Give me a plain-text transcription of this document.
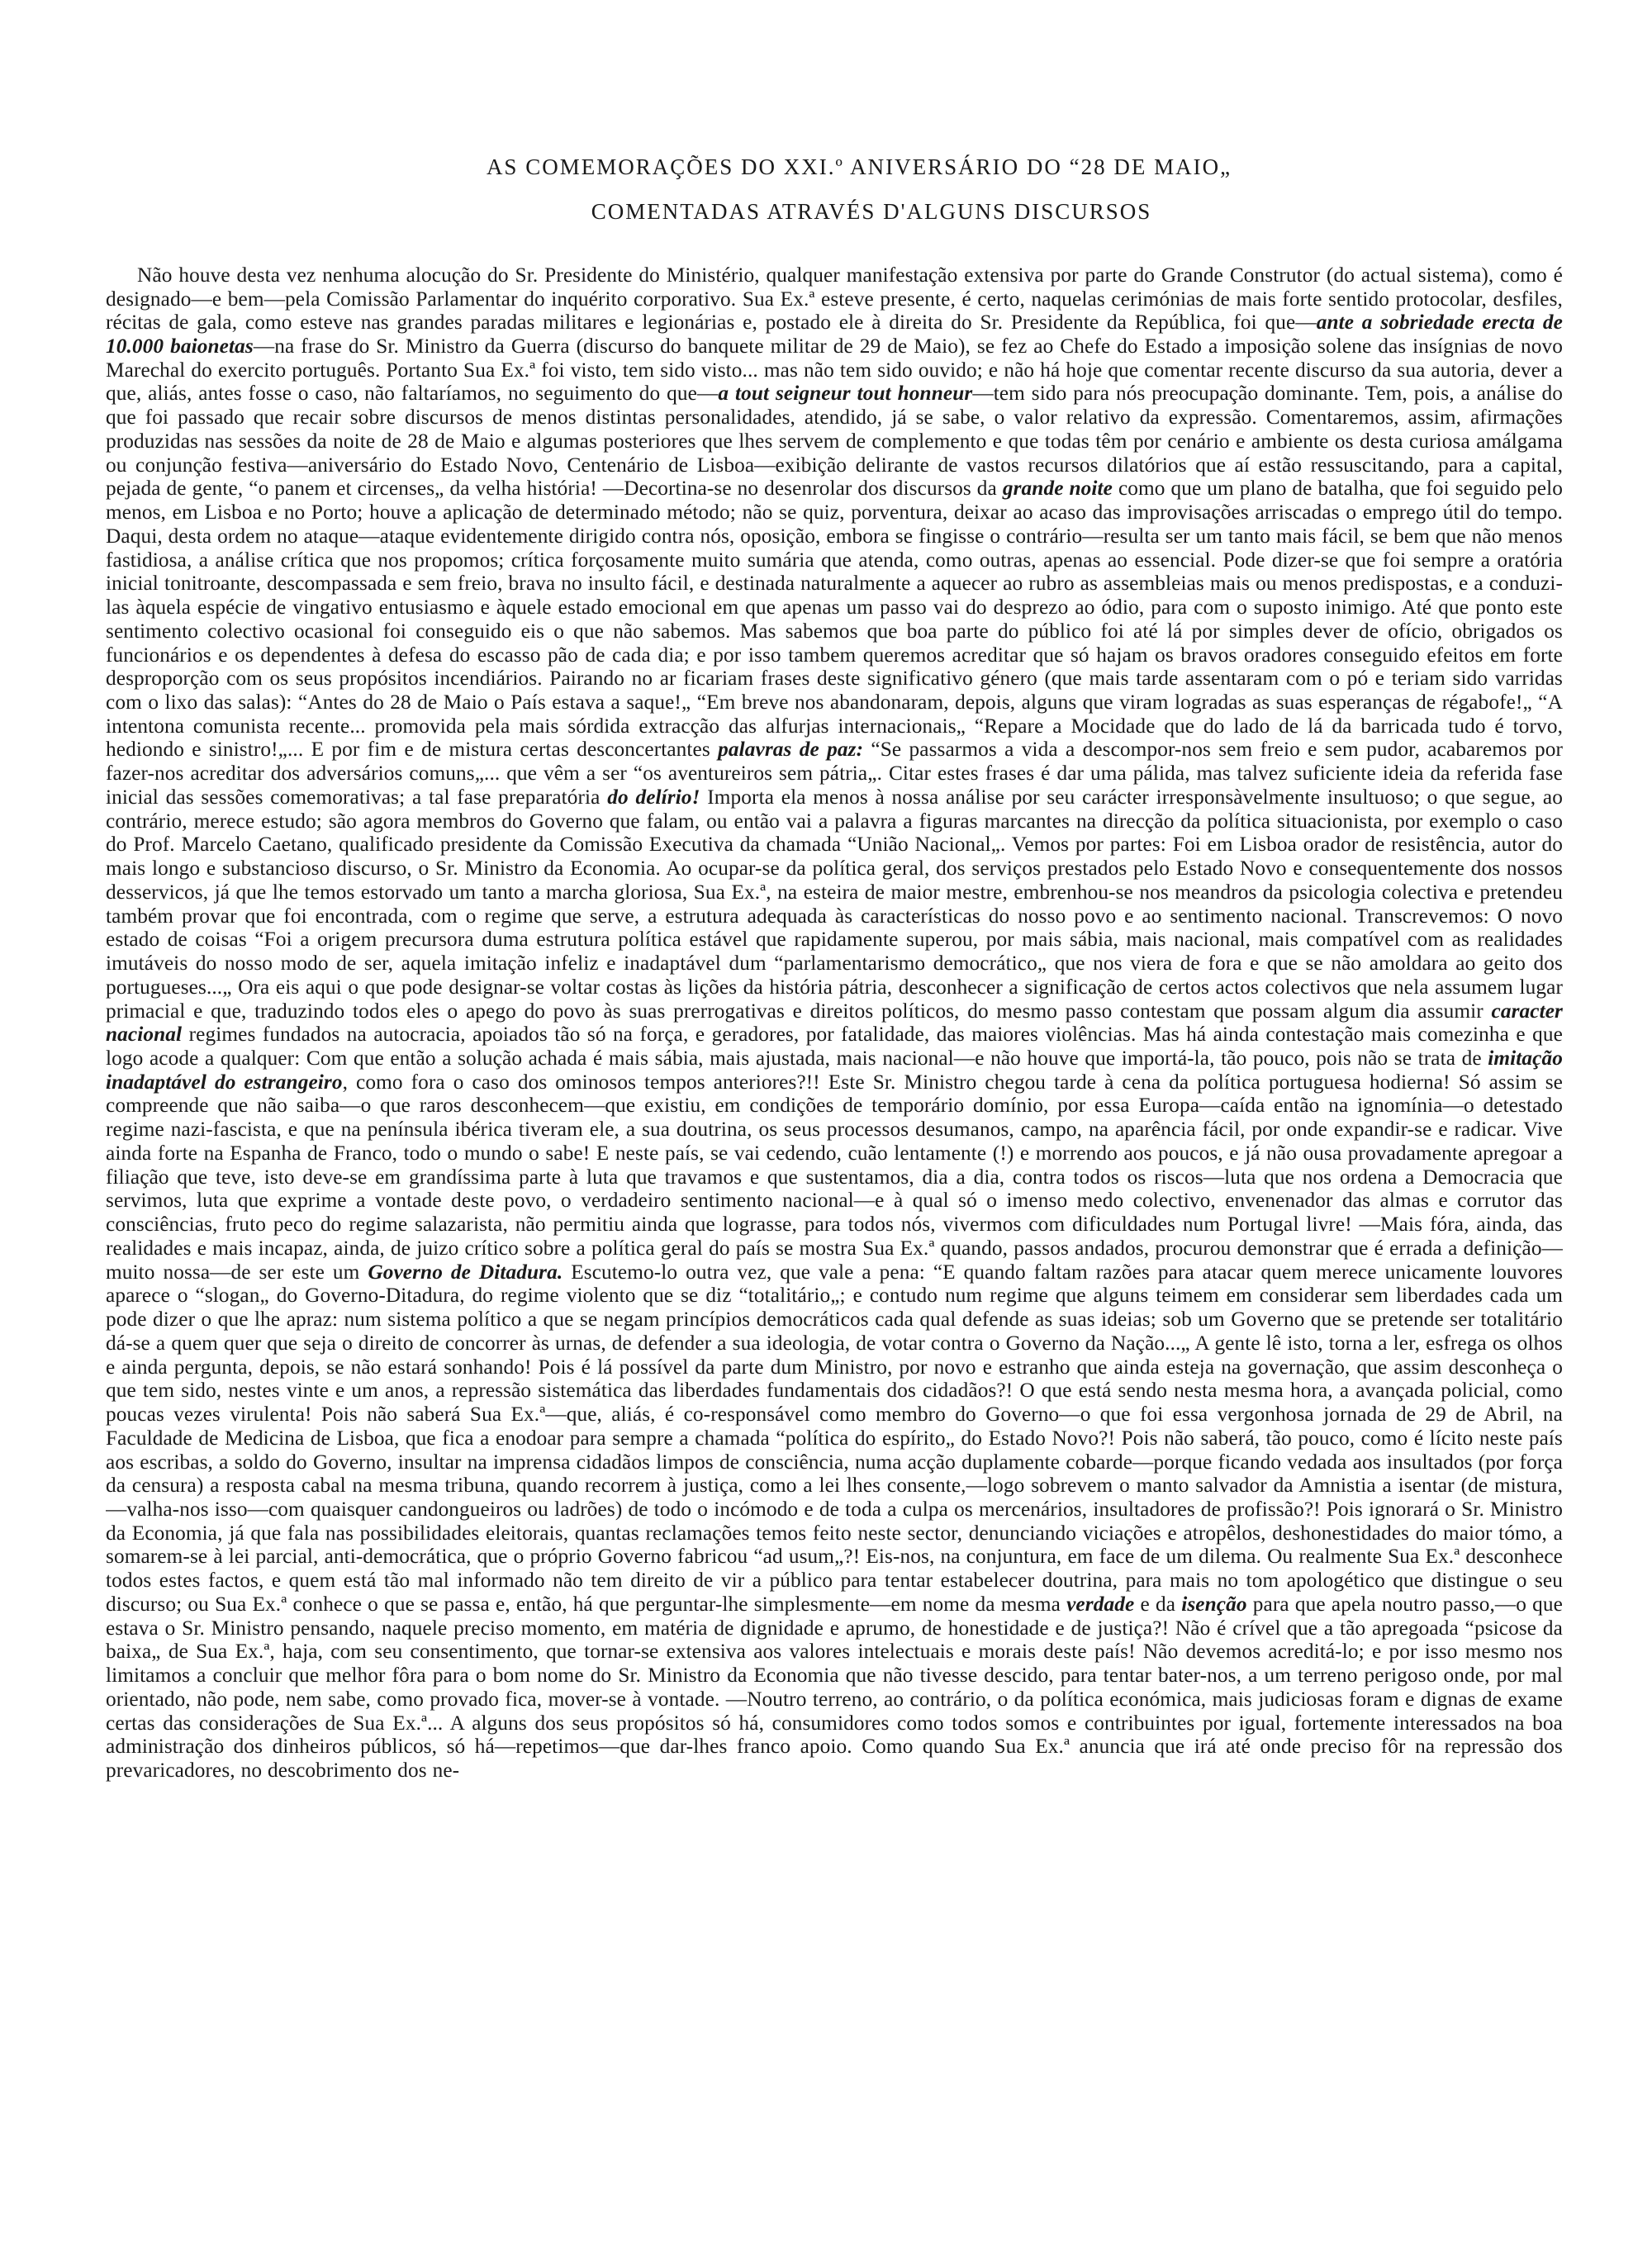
AS COMEMORAÇÕES DO XXI.º ANIVERSÁRIO DO “28 DE MAIO„
COMENTADAS ATRAVÉS D'ALGUNS DISCURSOS

Não houve desta vez nenhuma alocução do Sr. Presidente do Ministério, qualquer manifestação extensiva por parte do Grande Construtor (do actual sistema), como é designado—e bem—pela Comissão Parlamentar do inquérito corporativo. Sua Ex.ª esteve presente, é certo, naquelas cerimónias de mais forte sentido protocolar, desfiles, récitas de gala, como esteve nas grandes paradas militares e legionárias e, postado ele à direita do Sr. Presidente da República, foi que—ante a sobriedade erecta de 10.000 baionetas—na frase do Sr. Ministro da Guerra (discurso do banquete militar de 29 de Maio), se fez ao Chefe do Estado a imposição solene das insígnias de novo Marechal do exercito português. Portanto Sua Ex.ª foi visto, tem sido visto... mas não tem sido ouvido; e não há hoje que comentar recente discurso da sua autoria, dever a que, aliás, antes fosse o caso, não faltaríamos, no seguimento do que—a tout seigneur tout honneur—tem sido para nós preocupação dominante. Tem, pois, a análise do que foi passado que recair sobre discursos de menos distintas personalidades, atendido, já se sabe, o valor relativo da expressão. Comentaremos, assim, afirmações produzidas nas sessões da noite de 28 de Maio e algumas posteriores que lhes servem de complemento e que todas têm por cenário e ambiente os desta curiosa amálgama ou conjunção festiva—aniversário do Estado Novo, Centenário de Lisboa—exibição delirante de vastos recursos dilatórios que aí estão ressuscitando, para a capital, pejada de gente, “o panem et circenses„ da velha história! —Decortina-se no desenrolar dos discursos da grande noite como que um plano de batalha, que foi seguido pelo menos, em Lisboa e no Porto; houve a aplicação de determinado método; não se quiz, porventura, deixar ao acaso das improvisações arriscadas o emprego útil do tempo. Daqui, desta ordem no ataque—ataque evidentemente dirigido contra nós, oposição, embora se fingisse o contrário—resulta ser um tanto mais fácil, se bem que não menos fastidiosa, a análise crítica que nos propomos; crítica forçosamente muito sumária que atenda, como outras, apenas ao essencial. Pode dizer-se que foi sempre a oratória inicial tonitroante, descompassada e sem freio, brava no insulto fácil, e destinada naturalmente a aquecer ao rubro as assembleias mais ou menos predispostas, e a conduzi-las àquela espécie de vingativo entusiasmo e àquele estado emocional em que apenas um passo vai do desprezo ao ódio, para com o suposto inimigo. Até que ponto este sentimento colectivo ocasional foi conseguido eis o que não sabemos. Mas sabemos que boa parte do público foi até lá por simples dever de ofício, obrigados os funcionários e os dependentes à defesa do escasso pão de cada dia; e por isso tambem queremos acreditar que só hajam os bravos oradores conseguido efeitos em forte desproporção com os seus propósitos incendiários. Pairando no ar ficariam frases deste significativo género (que mais tarde assentaram com o pó e teriam sido varridas com o lixo das salas): “Antes do 28 de Maio o País estava a saque!„ “Em breve nos abandonaram, depois, alguns que viram logradas as suas esperanças de régabofe!„ “A intentona comunista recente... promovida pela mais sórdida extracção das alfurjas internacionais„ “Repare a Mocidade que do lado de lá da barricada tudo é torvo, hediondo e sinistro!„... E por fim e de mistura certas desconcertantes palavras de paz: “Se passarmos a vida a descompor-nos sem freio e sem pudor, acabaremos por fazer-nos acreditar dos adversários comuns„... que vêm a ser “os aventureiros sem pátria„. Citar estes frases é dar uma pálida, mas talvez suficiente ideia da referida fase inicial das sessões comemorativas; a tal fase preparatória do delírio! Importa ela menos à nossa análise por seu carácter irresponsàvelmente insultuoso; o que segue, ao contrário, merece estudo; são agora membros do Governo que falam, ou então vai a palavra a figuras marcantes na direcção da política situacionista, por exemplo o caso do Prof. Marcelo Caetano, qualificado presidente da Comissão Executiva da chamada “União Nacional„. Vemos por partes: Foi em Lisboa orador de resistência, autor do mais longo e substancioso discurso, o Sr. Ministro da Economia. Ao ocupar-se da política geral, dos serviços prestados pelo Estado Novo e consequentemente dos nossos desservicos, já que lhe temos estorvado um tanto a marcha gloriosa, Sua Ex.ª, na esteira de maior mestre, embrenhou-se nos meandros da psicologia colectiva e pretendeu também provar que foi encontrada, com o regime que serve, a estrutura adequada às características do nosso povo e ao sentimento nacional. Transcrevemos: O novo estado de coisas “Foi a origem precursora duma estrutura política estável que rapidamente superou, por mais sábia, mais nacional, mais compatível com as realidades imutáveis do nosso modo de ser, aquela imitação infeliz e inadaptável dum “parlamentarismo democrático„ que nos viera de fora e que se não amoldara ao geito dos portugueses...„ Ora eis aqui o que pode designar-se voltar costas às lições da história pátria, desconhecer a significação de certos actos colectivos que nela assumem lugar primacial e que, traduzindo todos eles o apego do povo às suas prerrogativas e direitos políticos, do mesmo passo contestam que possam algum dia assumir caracter nacional regimes fundados na autocracia, apoiados tão só na força, e geradores, por fatalidade, das maiores violências. Mas há ainda contestação mais comezinha e que logo acode a qualquer: Com que então a solução achada é mais sábia, mais ajustada, mais nacional—e não houve que importá-la, tão pouco, pois não se trata de imitação inadaptável do estrangeiro, como fora o caso dos ominosos tempos anteriores?!! Este Sr. Ministro chegou tarde à cena da política portuguesa hodierna! Só assim se compreende que não saiba—o que raros desconhecem—que existiu, em condições de temporário domínio, por essa Europa—caída então na ignomínia—o detestado regime nazi-fascista, e que na península ibérica tiveram ele, a sua doutrina, os seus processos desumanos, campo, na aparência fácil, por onde expandir-se e radicar. Vive ainda forte na Espanha de Franco, todo o mundo o sabe! E neste país, se vai cedendo, cuão lentamente (!) e morrendo aos poucos, e já não ousa provadamente apregoar a filiação que teve, isto deve-se em grandíssima parte à luta que travamos e que sustentamos, dia a dia, contra todos os riscos—luta que nos ordena a Democracia que servimos, luta que exprime a vontade deste povo, o verdadeiro sentimento nacional—e à qual só o imenso medo colectivo, envenenador das almas e corrutor das consciências, fruto peco do regime salazarista, não permitiu ainda que lograsse, para todos nós, vivermos com dificuldades num Portugal livre! —Mais fóra, ainda, das realidades e mais incapaz, ainda, de juizo crítico sobre a política geral do país se mostra Sua Ex.ª quando, passos andados, procurou demonstrar que é errada a definição—muito nossa—de ser este um Governo de Ditadura. Escutemo-lo outra vez, que vale a pena: “E quando faltam razões para atacar quem merece unicamente louvores aparece o “slogan„ do Governo-Ditadura, do regime violento que se diz “totalitário„; e contudo num regime que alguns teimem em considerar sem liberdades cada um pode dizer o que lhe apraz: num sistema político a que se negam princípios democráticos cada qual defende as suas ideias; sob um Governo que se pretende ser totalitário dá-se a quem quer que seja o direito de concorrer às urnas, de defender a sua ideologia, de votar contra o Governo da Nação...„ A gente lê isto, torna a ler, esfrega os olhos e ainda pergunta, depois, se não estará sonhando! Pois é lá possível da parte dum Ministro, por novo e estranho que ainda esteja na governação, que assim desconheça o que tem sido, nestes vinte e um anos, a repressão sistemática das liberdades fundamentais dos cidadãos?! O que está sendo nesta mesma hora, a avançada policial, como poucas vezes virulenta! Pois não saberá Sua Ex.ª—que, aliás, é co-responsável como membro do Governo—o que foi essa vergonhosa jornada de 29 de Abril, na Faculdade de Medicina de Lisboa, que fica a enodoar para sempre a chamada “política do espírito„ do Estado Novo?! Pois não saberá, tão pouco, como é lícito neste país aos escribas, a soldo do Governo, insultar na imprensa cidadãos limpos de consciência, numa acção duplamente cobarde—porque ficando vedada aos insultados (por força da censura) a resposta cabal na mesma tribuna, quando recorrem à justiça, como a lei lhes consente,—logo sobrevem o manto salvador da Amnistia a isentar (de mistura,—valha-nos isso—com quaisquer candongueiros ou ladrões) de todo o incómodo e de toda a culpa os mercenários, insultadores de profissão?! Pois ignorará o Sr. Ministro da Economia, já que fala nas possibilidades eleitorais, quantas reclamações temos feito neste sector, denunciando viciações e atropêlos, deshonestidades do maior tómo, a somarem-se à lei parcial, anti-democrática, que o próprio Governo fabricou “ad usum„?! Eis-nos, na conjuntura, em face de um dilema. Ou realmente Sua Ex.ª desconhece todos estes factos, e quem está tão mal informado não tem direito de vir a público para tentar estabelecer doutrina, para mais no tom apologético que distingue o seu discurso; ou Sua Ex.ª conhece o que se passa e, então, há que perguntar-lhe simplesmente—em nome da mesma verdade e da isenção para que apela noutro passo,—o que estava o Sr. Ministro pensando, naquele preciso momento, em matéria de dignidade e aprumo, de honestidade e de justiça?! Não é crível que a tão apregoada “psicose da baixa„ de Sua Ex.ª, haja, com seu consentimento, que tornar-se extensiva aos valores intelectuais e morais deste país! Não devemos acreditá-lo; e por isso mesmo nos limitamos a concluir que melhor fôra para o bom nome do Sr. Ministro da Economia que não tivesse descido, para tentar bater-nos, a um terreno perigoso onde, por mal orientado, não pode, nem sabe, como provado fica, mover-se à vontade. —Noutro terreno, ao contrário, o da política económica, mais judiciosas foram e dignas de exame certas das considerações de Sua Ex.ª... A alguns dos seus propósitos só há, consumidores como todos somos e contribuintes por igual, fortemente interessados na boa administração dos dinheiros públicos, só há—repetimos—que dar-lhes franco apoio. Como quando Sua Ex.ª anuncia que irá até onde preciso fôr na repressão dos prevaricadores, no descobrimento dos ne-
